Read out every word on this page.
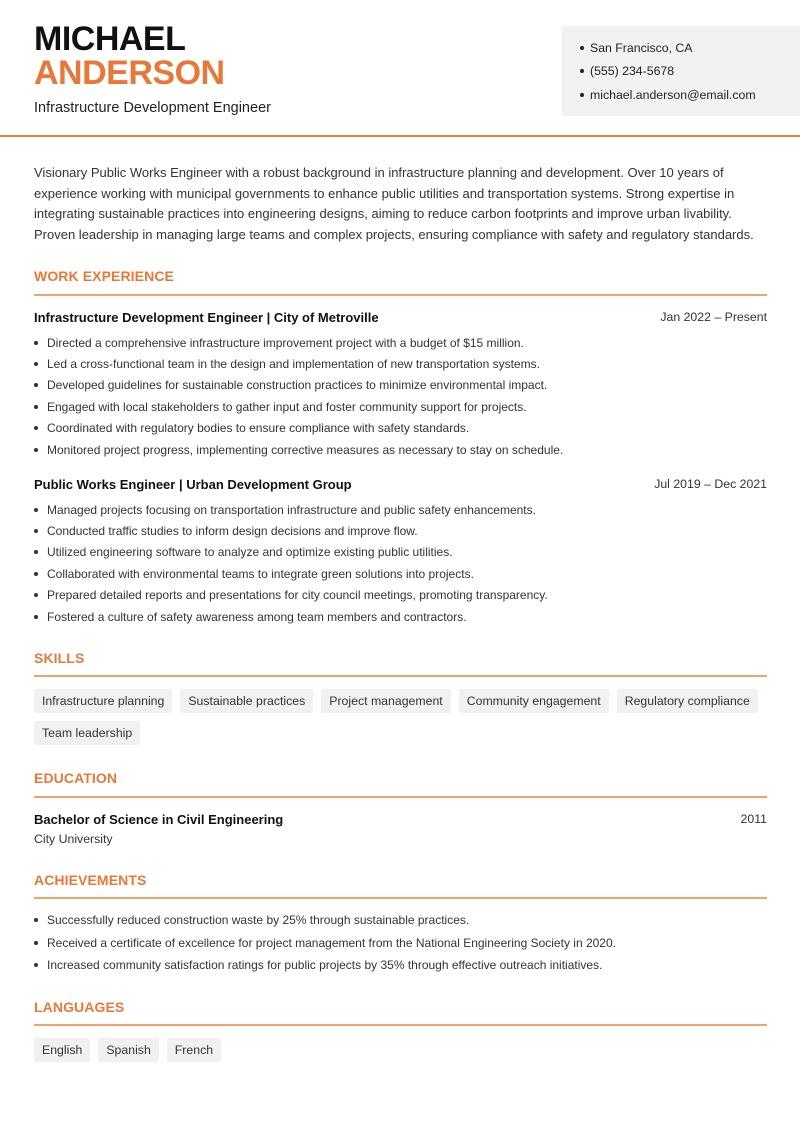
MICHAEL
ANDERSON
Infrastructure Development Engineer
San Francisco, CA
(555) 234-5678
michael.anderson@email.com
Visionary Public Works Engineer with a robust background in infrastructure planning and development. Over 10 years of experience working with municipal governments to enhance public utilities and transportation systems. Strong expertise in integrating sustainable practices into engineering designs, aiming to reduce carbon footprints and improve urban livability. Proven leadership in managing large teams and complex projects, ensuring compliance with safety and regulatory standards.
WORK EXPERIENCE
Infrastructure Development Engineer | City of Metroville	Jan 2022 – Present
Directed a comprehensive infrastructure improvement project with a budget of $15 million.
Led a cross-functional team in the design and implementation of new transportation systems.
Developed guidelines for sustainable construction practices to minimize environmental impact.
Engaged with local stakeholders to gather input and foster community support for projects.
Coordinated with regulatory bodies to ensure compliance with safety standards.
Monitored project progress, implementing corrective measures as necessary to stay on schedule.
Public Works Engineer | Urban Development Group	Jul 2019 – Dec 2021
Managed projects focusing on transportation infrastructure and public safety enhancements.
Conducted traffic studies to inform design decisions and improve flow.
Utilized engineering software to analyze and optimize existing public utilities.
Collaborated with environmental teams to integrate green solutions into projects.
Prepared detailed reports and presentations for city council meetings, promoting transparency.
Fostered a culture of safety awareness among team members and contractors.
SKILLS
Infrastructure planning	Sustainable practices	Project management	Community engagement	Regulatory compliance
Team leadership
EDUCATION
Bachelor of Science in Civil Engineering	2011
City University
ACHIEVEMENTS
Successfully reduced construction waste by 25% through sustainable practices.
Received a certificate of excellence for project management from the National Engineering Society in 2020.
Increased community satisfaction ratings for public projects by 35% through effective outreach initiatives.
LANGUAGES
English	Spanish	French
